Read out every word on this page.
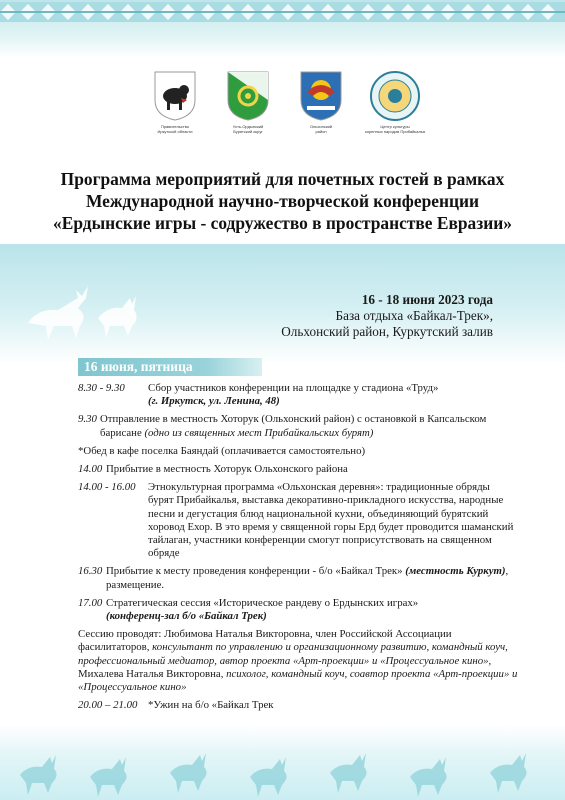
Правительство
Иркутской области
Усть-Ордынский
Бурятский округ
Ольхонский
район
Центр культуры
коренных народов Прибайкалья
Программа мероприятий для почетных гостей в рамках
Международной научно-творческой конференции
«Ердынские игры - содружество в пространстве Евразии»
16 - 18 июня 2023 года
База отдыха «Байкал-Трек»,
Ольхонский район, Куркутский залив
16 июня, пятница
8.30 - 9.30	Сбор участников конференции на площадке у стадиона «Труд»
(г. Иркутск, ул. Ленина, 48)
9.30 Отправление в местность Хоторук (Ольхонский район) с остановкой в Капсальском барисане (одно из священных мест Прибайкальских бурят)
*Обед в кафе поселка Баяндай (оплачивается самостоятельно)
14.00 Прибытие в местность Хоторук Ольхонского района
14.00 - 16.00	Этнокультурная программа «Ольхонская деревня»: традиционные обряды бурят Прибайкалья, выставка декоративно-прикладного искусства, народные песни и дегустация блюд национальной кухни, объединяющий бурятский хоровод Ехор. В это время у священной горы Ерд будет проводится шаманский тайлаган, участники конференции смогут поприсутствовать на священном обряде
16.30 Прибытие к месту проведения конференции - б/о «Байкал Трек» (местность Куркут), размещение.
17.00 Стратегическая сессия «Историческое рандеву о Ердынских играх»
(конференц-зал б/о «Байкал Трек)
Сессию проводят: Любимова Наталья Викторовна, член Российской Ассоциации фасилитаторов, консультант по управлению и организационному развитию, командный коуч, профессиональный медиатор, автор проекта «Арт-проекции» и «Процессуальное кино», Михалева Наталья Викторовна, психолог, командный коуч, соавтор проекта «Арт-проекции» и «Процессуальное кино»
20.00 – 21.00 *Ужин на б/о «Байкал Трек
